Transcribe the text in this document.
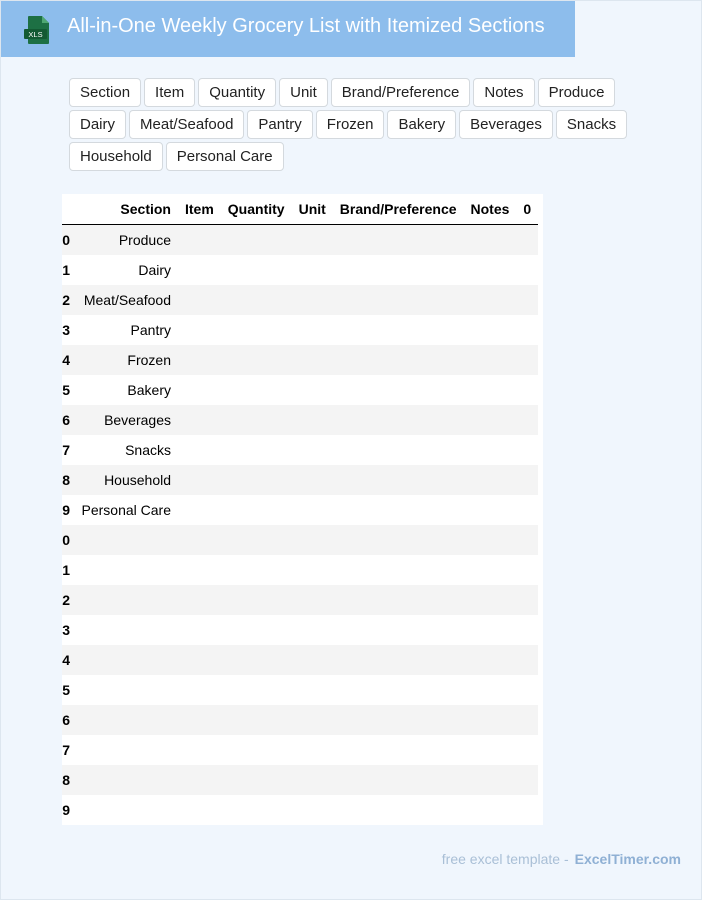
XLS All-in-One Weekly Grocery List with Itemized Sections
Section	Item	Quantity	Unit	Brand/Preference	Notes	Produce
Dairy	Meat/Seafood	Pantry	Frozen	Bakery	Beverages	Snacks
Household	Personal Care
	Section	Item	Quantity	Unit	Brand/Preference	Notes	0
0	Produce						
1	Dairy						
2	Meat/Seafood						
3	Pantry						
4	Frozen						
5	Bakery						
6	Beverages						
7	Snacks						
8	Household						
9	Personal Care						
0							
1							
2							
3							
4							
5							
6							
7							
8							
9							
free excel template - ExcelTimer.com
